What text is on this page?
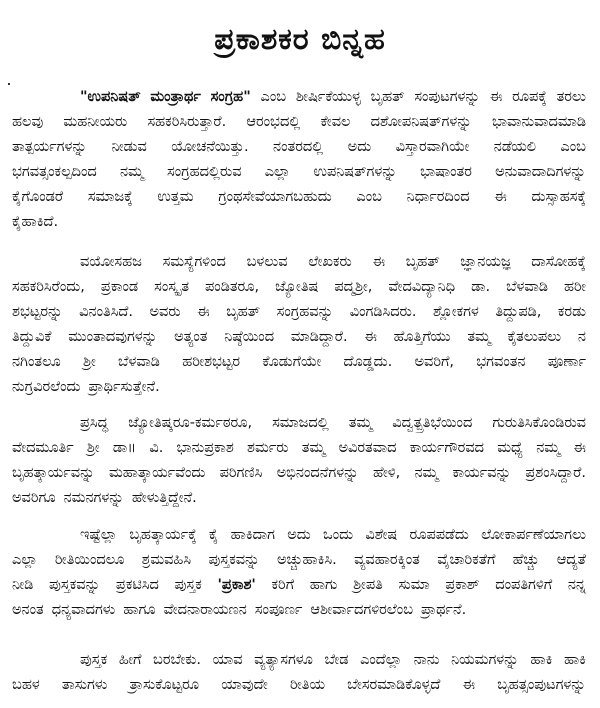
ಪ್ರಕಾಶಕರ ಬಿನ್ನಹ
"ಉಪನಿಷತ್ ಮಂತ್ರಾರ್ಥ ಸಂಗ್ರಹ" ಎಂಬ ಶೀರ್ಷಿಕೆಯುಳ್ಳ ಬೃಹತ್ ಸಂಪುಟಗಳನ್ನು ಈ ರೂಪಕ್ಕೆ ತರಲು
ಹಲವು ಮಹನೀಯರು ಸಹಕರಿಸಿರುತ್ತಾರೆ. ಆರಂಭದಲ್ಲಿ ಕೇವಲ ದಶೋಪನಿಷತ್‌ಗಳನ್ನು ಭಾವಾನುವಾದಮಾಡಿ
ತಾತ್ಪರ್ಯಗಳನ್ನು ನೀಡುವ ಯೋಚನೆಯಿತ್ತು. ನಂತರದಲ್ಲಿ ಅದು ವಿಸ್ತಾರವಾಗಿಯೇ ನಡೆಯಲಿ ಎಂಬ
ಭಗವತ್ಸಂಕಲ್ಪದಿಂದ ನಮ್ಮ ಸಂಗ್ರಹದಲ್ಲಿರುವ ಎಲ್ಲಾ ಉಪನಿಷತ್‌ಗಳನ್ನು ಭಾಷಾಂತರ ಅನುವಾದಾದಿಗಳನ್ನು
ಕೈಗೊಂಡರೆ ಸಮಾಜಕ್ಕೆ ಉತ್ತಮ ಗ್ರಂಥಸೇವೆಯಾಗಬಹುದು ಎಂಬ ನಿರ್ಧಾರದಿಂದ ಈ ದುಸ್ಸಾಹಸಕ್ಕೆ
ಕೈಹಾಕಿದೆ.
ವಯೋಸಹಜ ಸಮಸ್ಯೆಗಳಿಂದ ಬಳಲುವ ಲೇಖಕರು ಈ ಬೃಹತ್ ಜ್ಞಾನಯಜ್ಞ ದಾಸೋಹಕ್ಕೆ
ಸಹಕರಿಸಿರೆಂದು, ಪ್ರಕಾಂಡ ಸಂಸ್ಕೃತ ಪಂಡಿತರೂ, ಜ್ಯೋತಿಷ ಪದ್ಮಶ್ರೀ, ವೇದವಿದ್ಯಾನಿಧಿ ಡಾ. ಬೆಳವಾಡಿ ಹರೀ
ಶಭಟ್ಟರನ್ನು ವಿನಂತಿಸಿದೆ. ಅವರು ಈ ಬೃಹತ್ ಸಂಗ್ರಹವನ್ನು ವಿಂಗಡಿಸಿದರು. ಶ್ಲೋಕಗಳ ತಿದ್ದುಪಡಿ, ಕರಡು
ತಿದ್ದುವಿಕೆ ಮುಂತಾದವುಗಳನ್ನು ಅತ್ಯಂತ ನಿಷ್ಠೆಯಿಂದ ಮಾಡಿದ್ದಾರೆ. ಈ ಹೊತ್ತಿಗೆಯು ತಮ್ಮ ಕೈತಲುಪಲು ನ
ನಗಿಂತಲೂ ಶ್ರೀ ಬೆಳವಾಡಿ ಹರೀಶಭಟ್ಟರ ಕೊಡುಗೆಯೇ ದೊಡ್ಡದು. ಅವರಿಗೆ, ಭಗವಂತನ ಪೂರ್ಣಾ
ನುಗ್ರವಿರಲೆಂದು ಪ್ರಾರ್ಥಿಸುತ್ತೇನೆ.
ಪ್ರಸಿದ್ಧ ಜ್ಯೋತಿಷ್ಕರೂ-ಕರ್ಮಠರೂ, ಸಮಾಜದಲ್ಲಿ ತಮ್ಮ ವಿದ್ವತ್ಪ್ರತಿಭೆಯಿಂದ ಗುರುತಿಸಿಕೊಂಡಿರುವ
ವೇದಮೂರ್ತಿ ಶ್ರೀ ಡಾ॥ ವಿ. ಭಾನುಪ್ರಕಾಶ ಶರ್ಮರು ತಮ್ಮ ಅವಿರತವಾದ ಕಾರ್ಯಗೌರವದ ಮಧ್ಯೆ ನಮ್ಮ ಈ
ಬೃಹತ್ಕಾರ್ಯವನ್ನು ಮಹಾತ್ಕಾರ್ಯವೆಂದು ಪರಿಗಣಿಸಿ ಅಭಿನಂದನೆಗಳನ್ನು ಹೇಳಿ, ನಮ್ಮ ಕಾರ್ಯವನ್ನು ಪ್ರಶಂಸಿದ್ದಾರೆ.
ಅವರಿಗೂ ನಮನಗಳನ್ನು ಹೇಳುತ್ತಿದ್ದೇನೆ.
ಇಷ್ಟೆಲ್ಲಾ ಬೃಹತ್ಕಾರ್ಯಕ್ಕೆ ಕೈ ಹಾಕಿದಾಗ ಅದು ಒಂದು ವಿಶೇಷ ರೂಪಪಡೆದು ಲೋಕಾರ್ಪಣೆಯಾಗಲು
ಎಲ್ಲಾ ರೀತಿಯಿಂದಲೂ ಶ್ರಮವಹಿಸಿ ಪುಸ್ತಕವನ್ನು ಅಚ್ಚುಹಾಕಿಸಿ. ವ್ಯವಹಾರಕ್ಕಿಂತ ವೈಚಾರಿಕತೆಗೆ ಹೆಚ್ಚು ಆದ್ಯತೆ
ನೀಡಿ ಪುಸ್ತಕವನ್ನು ಪ್ರಕಟಿಸಿದ ಪುಸ್ತಕ 'ಪ್ರಕಾಶ' ಕರಿಗೆ ಹಾಗು ಶ್ರೀಪತಿ ಸುಮಾ ಪ್ರಕಾಶ್ ದಂಪತಿಗಳಿಗೆ ನನ್ನ
ಅನಂತ ಧನ್ಯವಾದಗಳು ಹಾಗೂ ವೇದನಾರಾಯಣನ ಸಂಪೂರ್ಣ ಆಶೀರ್ವಾದಗಳಿರಲೆಂಬ ಪ್ರಾರ್ಥನೆ.
ಪುಸ್ತಕ ಹೀಗೆ ಬರಬೇಕು. ಯಾವ ವ್ಯತ್ಯಾಸಗಳೂ ಬೇಡ ಎಂದೆಲ್ಲಾ ನಾನು ನಿಯಮಗಳನ್ನು ಹಾಕಿ ಹಾಕಿ
ಬಹಳ ತಾಸುಗಳು ತ್ರಾಸುಕೊಟ್ಟರೂ ಯಾವುದೇ ರೀತಿಯ ಬೇಸರಮಾಡಿಕೊಳ್ಳದೆ ಈ ಬೃಹತ್ಸಂಪುಟಗಳನ್ನು
